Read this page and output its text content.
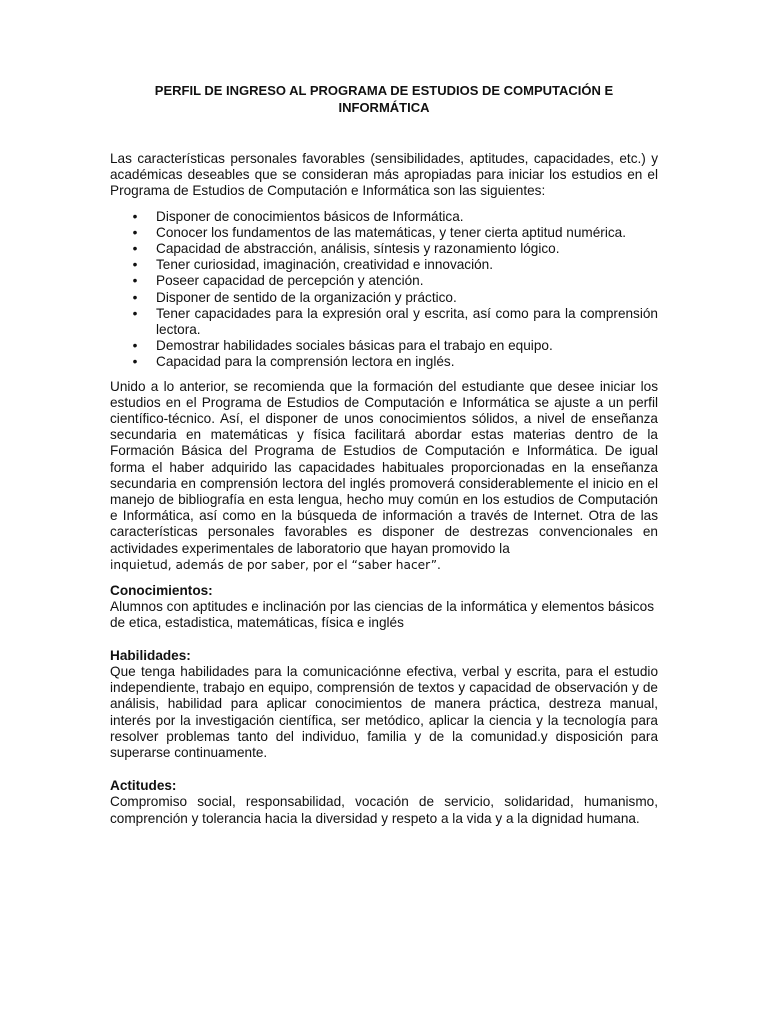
PERFIL DE INGRESO AL PROGRAMA DE ESTUDIOS DE COMPUTACIÓN E INFORMÁTICA

Las características personales favorables (sensibilidades, aptitudes, capacidades, etc.) y académicas deseables que se consideran más apropiadas para iniciar los estudios en el Programa de Estudios de Computación e Informática son las siguientes:

• Disponer de conocimientos básicos de Informática.
• Conocer los fundamentos de las matemáticas, y tener cierta aptitud numérica.
• Capacidad de abstracción, análisis, síntesis y razonamiento lógico.
• Tener curiosidad, imaginación, creatividad e innovación.
• Poseer capacidad de percepción y atención.
• Disponer de sentido de la organización y práctico.
• Tener capacidades para la expresión oral y escrita, así como para la comprensión lectora.
• Demostrar habilidades sociales básicas para el trabajo en equipo.
• Capacidad para la comprensión lectora en inglés.

Unido a lo anterior, se recomienda que la formación del estudiante que desee iniciar los estudios en el Programa de Estudios de Computación e Informática se ajuste a un perfil científico-técnico. Así, el disponer de unos conocimientos sólidos, a nivel de enseñanza secundaria en matemáticas y física facilitará abordar estas materias dentro de la Formación Básica del Programa de Estudios de Computación e Informática. De igual forma el haber adquirido las capacidades habituales proporcionadas en la enseñanza secundaria en comprensión lectora del inglés promoverá considerablemente el inicio en el manejo de bibliografía en esta lengua, hecho muy común en los estudios de Computación e Informática, así como en la búsqueda de información a través de Internet. Otra de las características personales favorables es disponer de destrezas convencionales en actividades experimentales de laboratorio que hayan promovido la
inquietud, además de por saber, por el “saber hacer”.

Conocimientos:

Alumnos con aptitudes e inclinación por las ciencias de la informática y elementos básicos de etica, estadistica, matemáticas, física e inglés

Habilidades:

Que tenga habilidades para la comunicaciónne efectiva, verbal y escrita, para el estudio independiente, trabajo en equipo, comprensión de textos y capacidad de observación y de análisis, habilidad para aplicar conocimientos de manera práctica, destreza manual, interés por la investigación científica, ser metódico, aplicar la ciencia y la tecnología para resolver problemas tanto del individuo, familia y de la comunidad.y disposición para superarse continuamente.

Actitudes:

Compromiso social, responsabilidad, vocación de servicio, solidaridad, humanismo, comprención y tolerancia hacia la diversidad y respeto a la vida y a la dignidad humana.
